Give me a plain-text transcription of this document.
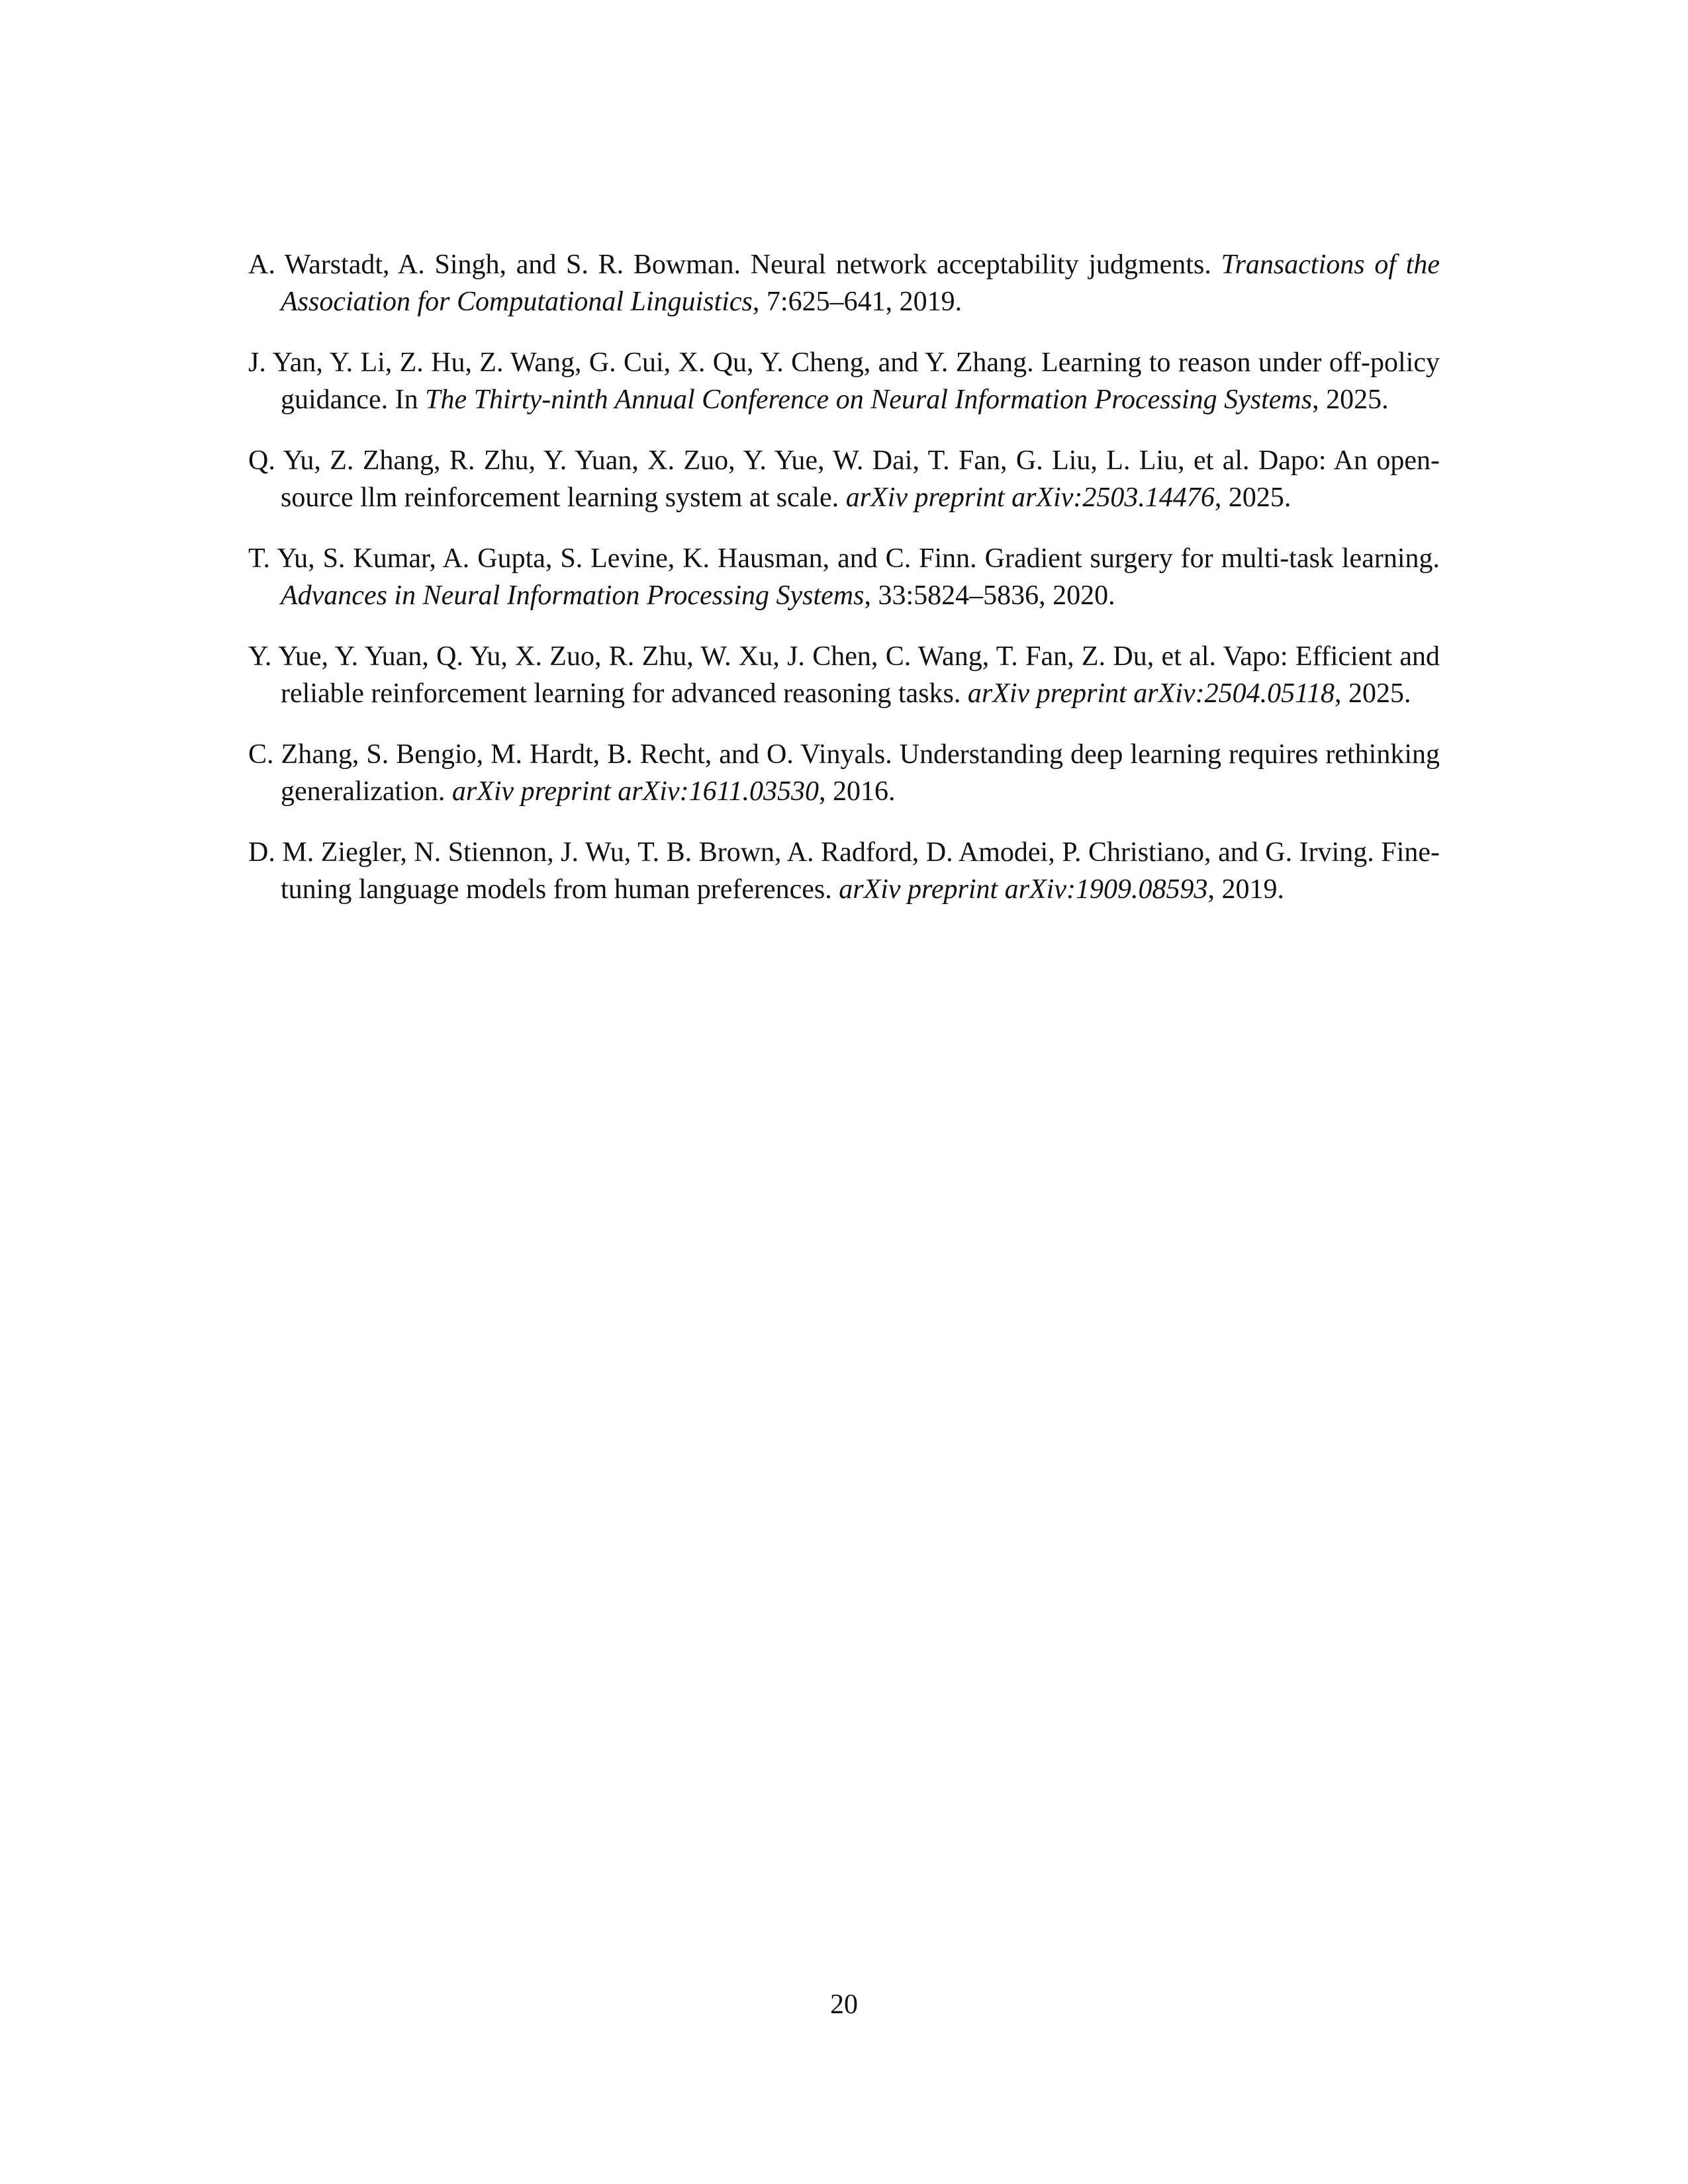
A. Warstadt, A. Singh, and S. R. Bowman. Neural network acceptability judgments. Transactions of the Association for Computational Linguistics, 7:625–641, 2019.

J. Yan, Y. Li, Z. Hu, Z. Wang, G. Cui, X. Qu, Y. Cheng, and Y. Zhang. Learning to reason under off-policy guidance. In The Thirty-ninth Annual Conference on Neural Information Processing Systems, 2025.

Q. Yu, Z. Zhang, R. Zhu, Y. Yuan, X. Zuo, Y. Yue, W. Dai, T. Fan, G. Liu, L. Liu, et al. Dapo: An open-source llm reinforcement learning system at scale. arXiv preprint arXiv:2503.14476, 2025.

T. Yu, S. Kumar, A. Gupta, S. Levine, K. Hausman, and C. Finn. Gradient surgery for multi-task learning. Advances in Neural Information Processing Systems, 33:5824–5836, 2020.

Y. Yue, Y. Yuan, Q. Yu, X. Zuo, R. Zhu, W. Xu, J. Chen, C. Wang, T. Fan, Z. Du, et al. Vapo: Efficient and reliable reinforcement learning for advanced reasoning tasks. arXiv preprint arXiv:2504.05118, 2025.

C. Zhang, S. Bengio, M. Hardt, B. Recht, and O. Vinyals. Understanding deep learning requires rethinking generalization. arXiv preprint arXiv:1611.03530, 2016.

D. M. Ziegler, N. Stiennon, J. Wu, T. B. Brown, A. Radford, D. Amodei, P. Christiano, and G. Irving. Fine-tuning language models from human preferences. arXiv preprint arXiv:1909.08593, 2019.

20
